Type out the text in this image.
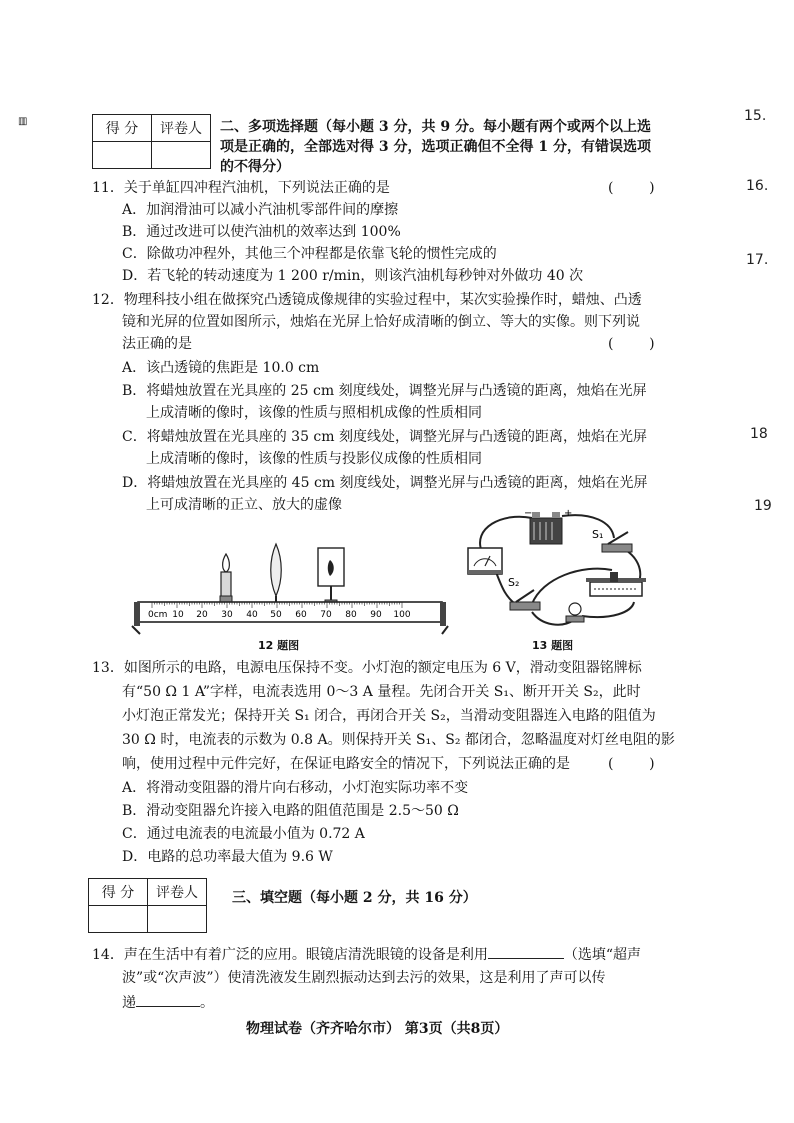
▥	15.
16.
17.
18
19
得 分	评卷人
	二、多项选择题（每小题 3 分，共 9 分。每小题有两个或两个以上选
项是正确的，全部选对得 3 分，选项正确但不全得 1 分，有错误选项
的不得分）
11．关于单缸四冲程汽油机，下列说法正确的是	(        )
A．加润滑油可以减小汽油机零部件间的摩擦
B．通过改进可以使汽油机的效率达到 100%
C．除做功冲程外，其他三个冲程都是依靠飞轮的惯性完成的
D．若飞轮的转动速度为 1 200 r/min，则该汽油机每秒钟对外做功 40 次
12．物理科技小组在做探究凸透镜成像规律的实验过程中，某次实验操作时，蜡烛、凸透
镜和光屏的位置如图所示，烛焰在光屏上恰好成清晰的倒立、等大的实像。则下列说
法正确的是	(        )
A．该凸透镜的焦距是 10.0 cm
B．将蜡烛放置在光具座的 25 cm 刻度线处，调整光屏与凸透镜的距离，烛焰在光屏
上成清晰的像时，该像的性质与照相机成像的性质相同
C．将蜡烛放置在光具座的 35 cm 刻度线处，调整光屏与凸透镜的距离，烛焰在光屏
上成清晰的像时，该像的性质与投影仪成像的性质相同
D．将蜡烛放置在光具座的 45 cm 刻度线处，调整光屏与凸透镜的距离，烛焰在光屏
上可成清晰的正立、放大的虚像
0cm 10 20 30 40 50 60 70 80 90 100
12 题图
−	+
S₁
S₂
13 题图
13．如图所示的电路，电源电压保持不变。小灯泡的额定电压为 6 V，滑动变阻器铭牌标
有“50 Ω 1 A”字样，电流表选用 0～3 A 量程。先闭合开关 S₁、断开开关 S₂，此时
小灯泡正常发光；保持开关 S₁ 闭合，再闭合开关 S₂，当滑动变阻器连入电路的阻值为
30 Ω 时，电流表的示数为 0.8 A。则保持开关 S₁、S₂ 都闭合，忽略温度对灯丝电阻的影
响，使用过程中元件完好，在保证电路安全的情况下，下列说法正确的是	(        )
A．将滑动变阻器的滑片向右移动，小灯泡实际功率不变
B．滑动变阻器允许接入电路的阻值范围是 2.5～50 Ω
C．通过电流表的电流最小值为 0.72 A
D．电路的总功率最大值为 9.6 W
得 分	评卷人
	三、填空题（每小题 2 分，共 16 分）
14．声在生活中有着广泛的应用。眼镜店清洗眼镜的设备是利用	（选填“超声
波”或“次声波”）使清洗液发生剧烈振动达到去污的效果，这是利用了声可以传
递	。
物理试卷（齐齐哈尔市） 第3页（共8页）
